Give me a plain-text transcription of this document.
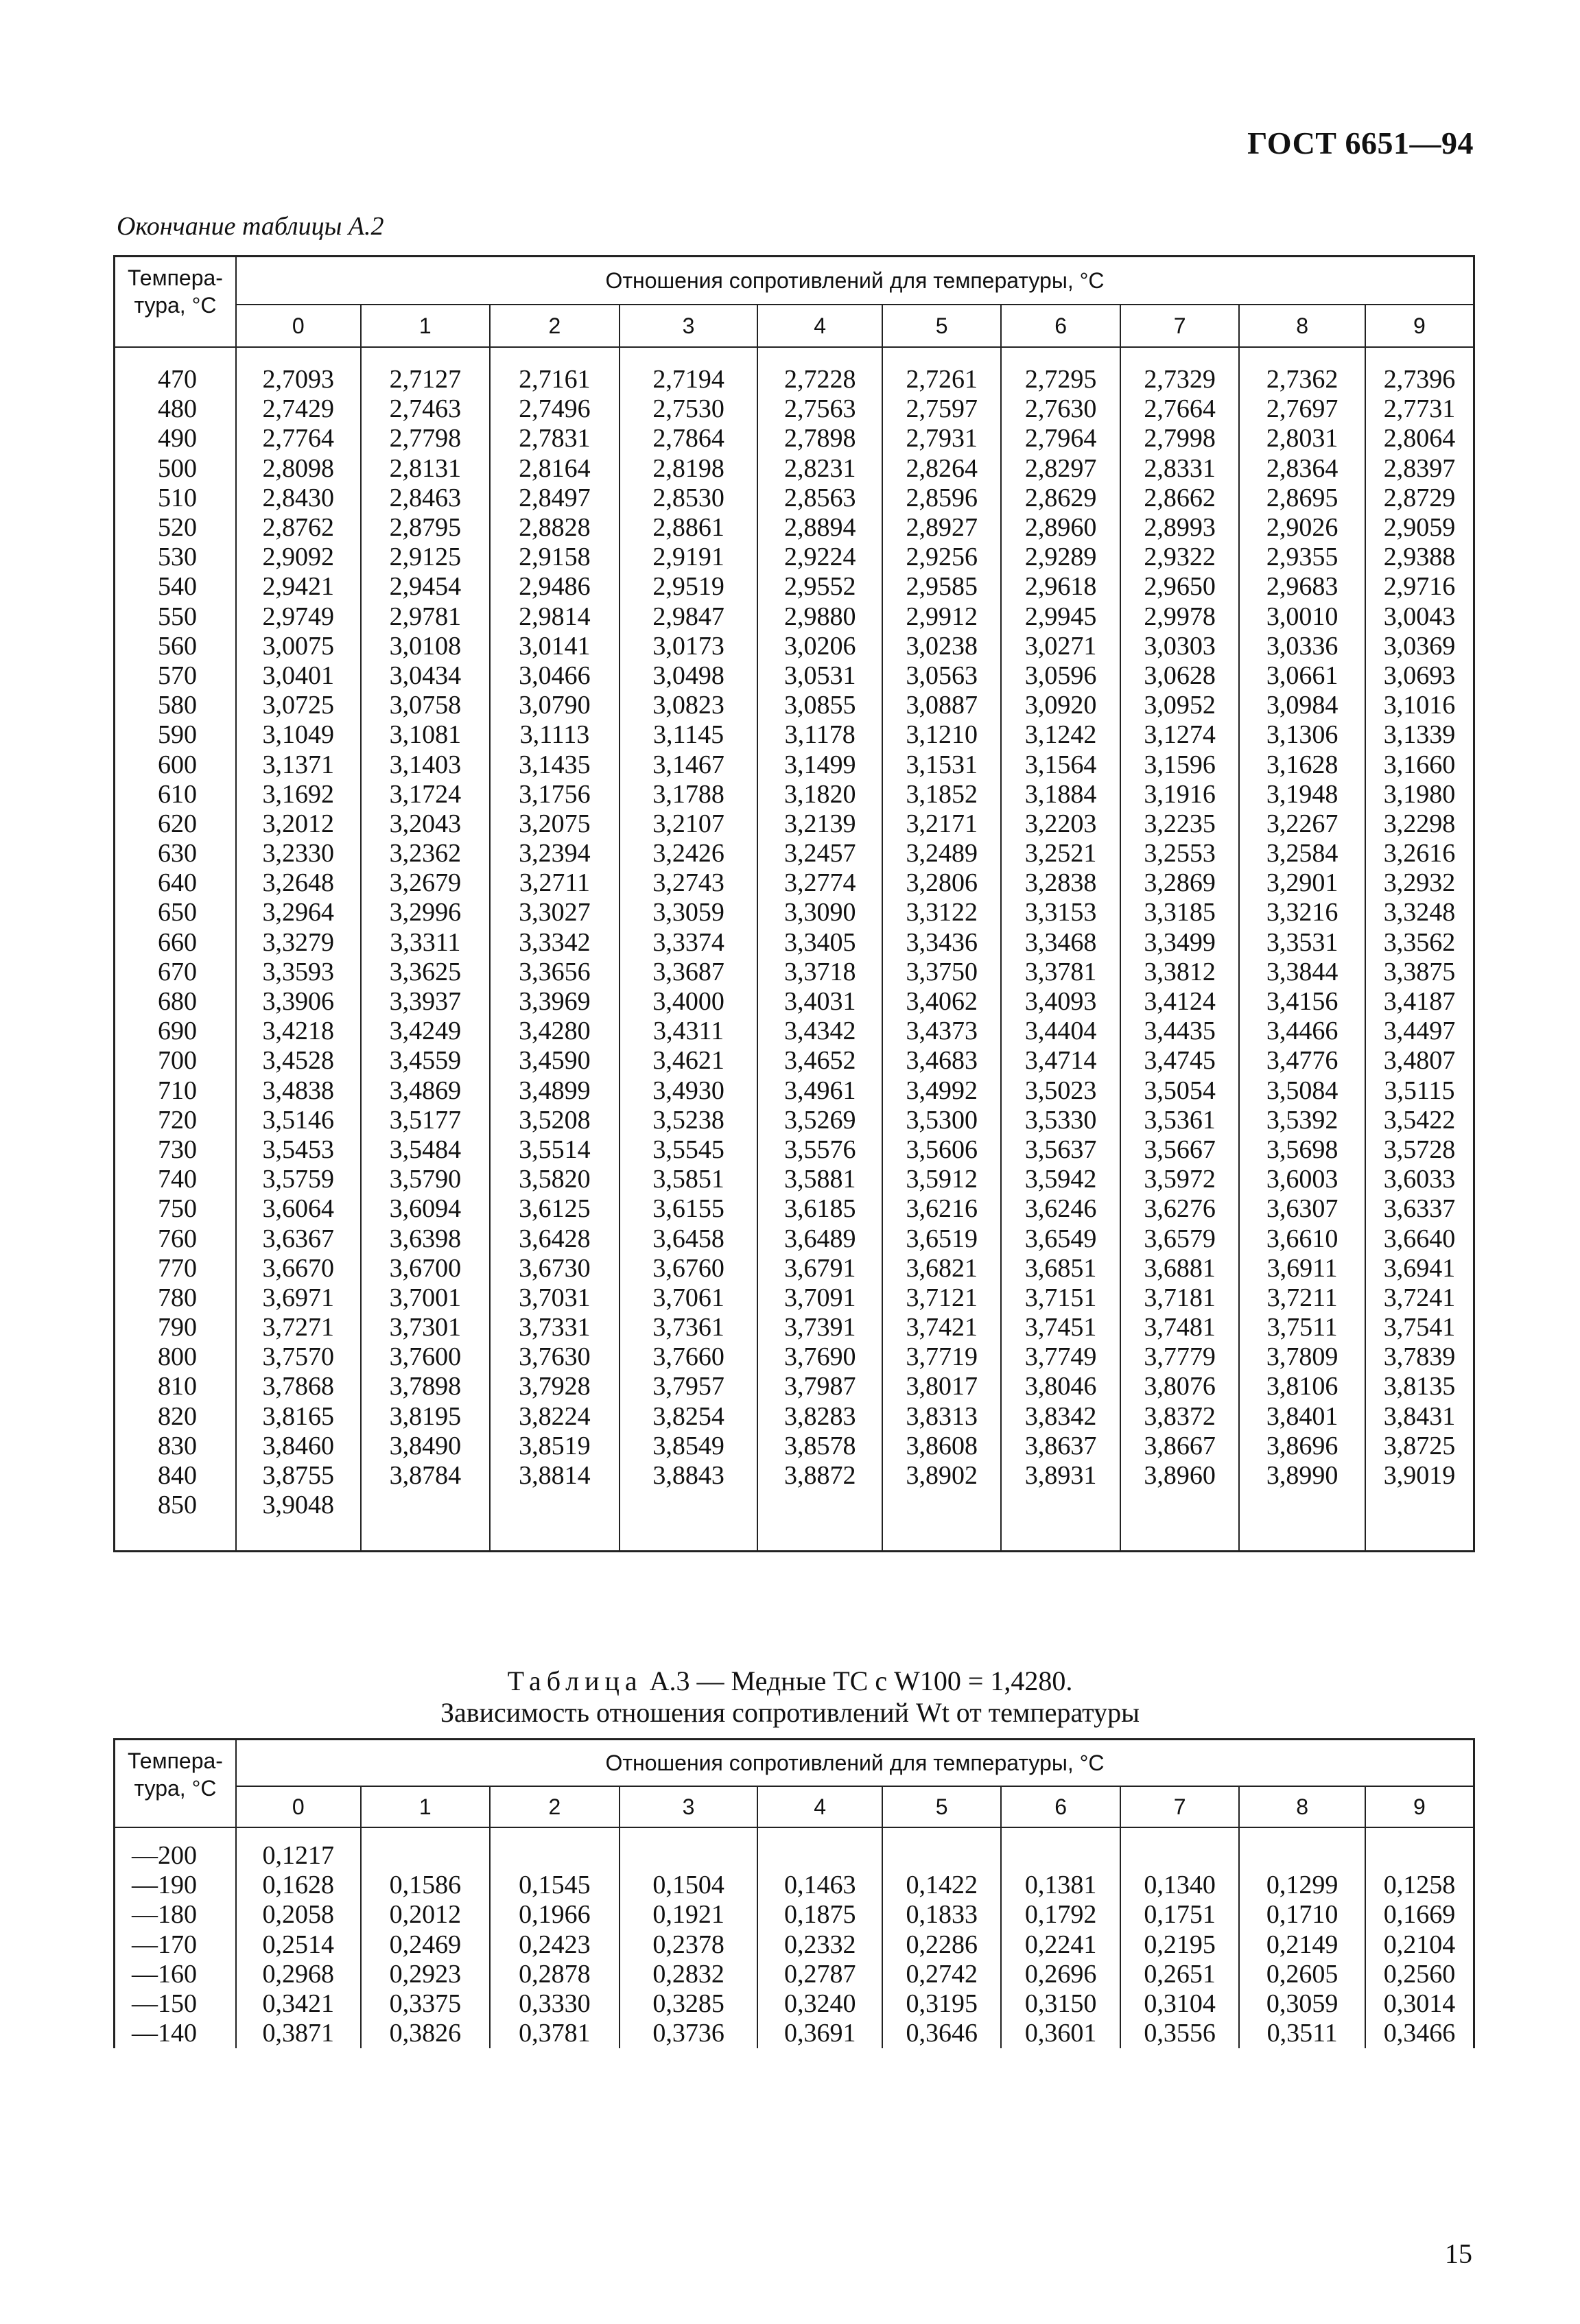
ГОСТ 6651—94
Окончание таблицы А.2
Темпера-
тура, °С	Отношения сопротивлений для температуры, °С									
	0	1	2	3	4	5	6	7	8	9

470	2,7093	2,7127	2,7161	2,7194	2,7228	2,7261	2,7295	2,7329	2,7362	2,7396
480	2,7429	2,7463	2,7496	2,7530	2,7563	2,7597	2,7630	2,7664	2,7697	2,7731
490	2,7764	2,7798	2,7831	2,7864	2,7898	2,7931	2,7964	2,7998	2,8031	2,8064
500	2,8098	2,8131	2,8164	2,8198	2,8231	2,8264	2,8297	2,8331	2,8364	2,8397
510	2,8430	2,8463	2,8497	2,8530	2,8563	2,8596	2,8629	2,8662	2,8695	2,8729
520	2,8762	2,8795	2,8828	2,8861	2,8894	2,8927	2,8960	2,8993	2,9026	2,9059
530	2,9092	2,9125	2,9158	2,9191	2,9224	2,9256	2,9289	2,9322	2,9355	2,9388
540	2,9421	2,9454	2,9486	2,9519	2,9552	2,9585	2,9618	2,9650	2,9683	2,9716
550	2,9749	2,9781	2,9814	2,9847	2,9880	2,9912	2,9945	2,9978	3,0010	3,0043
560	3,0075	3,0108	3,0141	3,0173	3,0206	3,0238	3,0271	3,0303	3,0336	3,0369
570	3,0401	3,0434	3,0466	3,0498	3,0531	3,0563	3,0596	3,0628	3,0661	3,0693
580	3,0725	3,0758	3,0790	3,0823	3,0855	3,0887	3,0920	3,0952	3,0984	3,1016
590	3,1049	3,1081	3,1113	3,1145	3,1178	3,1210	3,1242	3,1274	3,1306	3,1339
600	3,1371	3,1403	3,1435	3,1467	3,1499	3,1531	3,1564	3,1596	3,1628	3,1660
610	3,1692	3,1724	3,1756	3,1788	3,1820	3,1852	3,1884	3,1916	3,1948	3,1980
620	3,2012	3,2043	3,2075	3,2107	3,2139	3,2171	3,2203	3,2235	3,2267	3,2298
630	3,2330	3,2362	3,2394	3,2426	3,2457	3,2489	3,2521	3,2553	3,2584	3,2616
640	3,2648	3,2679	3,2711	3,2743	3,2774	3,2806	3,2838	3,2869	3,2901	3,2932
650	3,2964	3,2996	3,3027	3,3059	3,3090	3,3122	3,3153	3,3185	3,3216	3,3248
660	3,3279	3,3311	3,3342	3,3374	3,3405	3,3436	3,3468	3,3499	3,3531	3,3562
670	3,3593	3,3625	3,3656	3,3687	3,3718	3,3750	3,3781	3,3812	3,3844	3,3875
680	3,3906	3,3937	3,3969	3,4000	3,4031	3,4062	3,4093	3,4124	3,4156	3,4187
690	3,4218	3,4249	3,4280	3,4311	3,4342	3,4373	3,4404	3,4435	3,4466	3,4497
700	3,4528	3,4559	3,4590	3,4621	3,4652	3,4683	3,4714	3,4745	3,4776	3,4807
710	3,4838	3,4869	3,4899	3,4930	3,4961	3,4992	3,5023	3,5054	3,5084	3,5115
720	3,5146	3,5177	3,5208	3,5238	3,5269	3,5300	3,5330	3,5361	3,5392	3,5422
730	3,5453	3,5484	3,5514	3,5545	3,5576	3,5606	3,5637	3,5667	3,5698	3,5728
740	3,5759	3,5790	3,5820	3,5851	3,5881	3,5912	3,5942	3,5972	3,6003	3,6033
750	3,6064	3,6094	3,6125	3,6155	3,6185	3,6216	3,6246	3,6276	3,6307	3,6337
760	3,6367	3,6398	3,6428	3,6458	3,6489	3,6519	3,6549	3,6579	3,6610	3,6640
770	3,6670	3,6700	3,6730	3,6760	3,6791	3,6821	3,6851	3,6881	3,6911	3,6941
780	3,6971	3,7001	3,7031	3,7061	3,7091	3,7121	3,7151	3,7181	3,7211	3,7241
790	3,7271	3,7301	3,7331	3,7361	3,7391	3,7421	3,7451	3,7481	3,7511	3,7541
800	3,7570	3,7600	3,7630	3,7660	3,7690	3,7719	3,7749	3,7779	3,7809	3,7839
810	3,7868	3,7898	3,7928	3,7957	3,7987	3,8017	3,8046	3,8076	3,8106	3,8135
820	3,8165	3,8195	3,8224	3,8254	3,8283	3,8313	3,8342	3,8372	3,8401	3,8431
830	3,8460	3,8490	3,8519	3,8549	3,8578	3,8608	3,8637	3,8667	3,8696	3,8725
840	3,8755	3,8784	3,8814	3,8843	3,8872	3,8902	3,8931	3,8960	3,8990	3,9019
850	3,9048									

Таблица А.3 — Медные ТС с W100 = 1,4280.
Зависимость отношения сопротивлений Wt от температуры
Темпера-
тура, °С	Отношения сопротивлений для температуры, °С									
	0	1	2	3	4	5	6	7	8	9

—200	0,1217									
—190	0,1628	0,1586	0,1545	0,1504	0,1463	0,1422	0,1381	0,1340	0,1299	0,1258
—180	0,2058	0,2012	0,1966	0,1921	0,1875	0,1833	0,1792	0,1751	0,1710	0,1669
—170	0,2514	0,2469	0,2423	0,2378	0,2332	0,2286	0,2241	0,2195	0,2149	0,2104
—160	0,2968	0,2923	0,2878	0,2832	0,2787	0,2742	0,2696	0,2651	0,2605	0,2560
—150	0,3421	0,3375	0,3330	0,3285	0,3240	0,3195	0,3150	0,3104	0,3059	0,3014
—140	0,3871	0,3826	0,3781	0,3736	0,3691	0,3646	0,3601	0,3556	0,3511	0,3466
15
